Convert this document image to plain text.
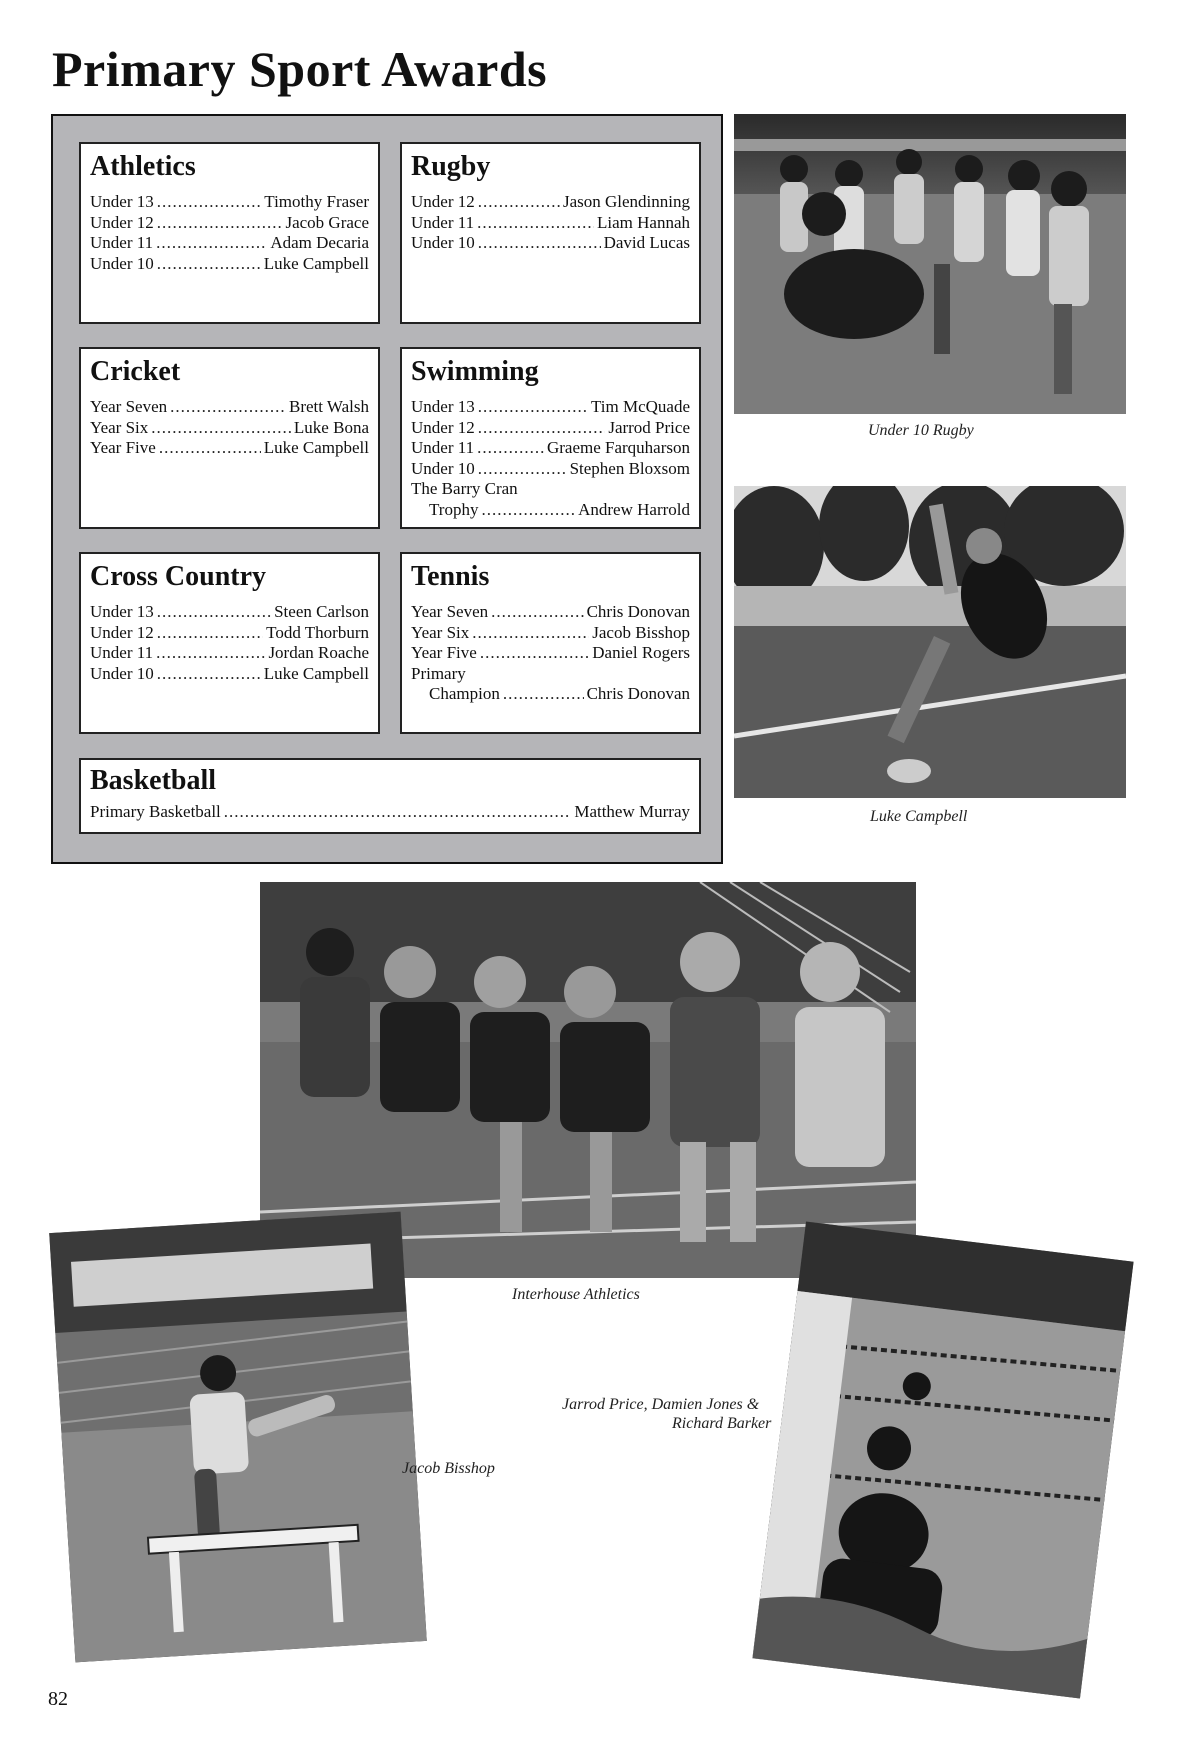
Primary Sport Awards
Athletics
Under 13 .....	Timothy Fraser
Under 12 .....	Jacob Grace
Under 11 .....	Adam Decaria
Under 10 .....	Luke Campbell
Rugby
Under 12 .....	Jason Glendinning
Under 11 .....	Liam Hannah
Under 10 .....	David Lucas
Cricket
Year Seven .....	Brett Walsh
Year Six .....	Luke Bona
Year Five .....	Luke Campbell
Swimming
Under 13 .....	Tim McQuade
Under 12 .....	Jarrod Price
Under 11 .....	Graeme Farquharson
Under 10 .....	Stephen Bloxsom
The Barry Cran
Trophy .....	Andrew Harrold
Cross Country
Under 13 .....	Steen Carlson
Under 12 .....	Todd Thorburn
Under 11 .....	Jordan Roache
Under 10 .....	Luke Campbell
Tennis
Year Seven .....	Chris Donovan
Year Six .....	Jacob Bisshop
Year Five .....	Daniel Rogers
Primary
Champion .....	Chris Donovan
Basketball
Primary Basketball .....	Matthew Murray
Under 10 Rugby
Luke Campbell
Interhouse Athletics
Jacob Bisshop
Jarrod Price, Damien Jones &
Richard Barker
82
